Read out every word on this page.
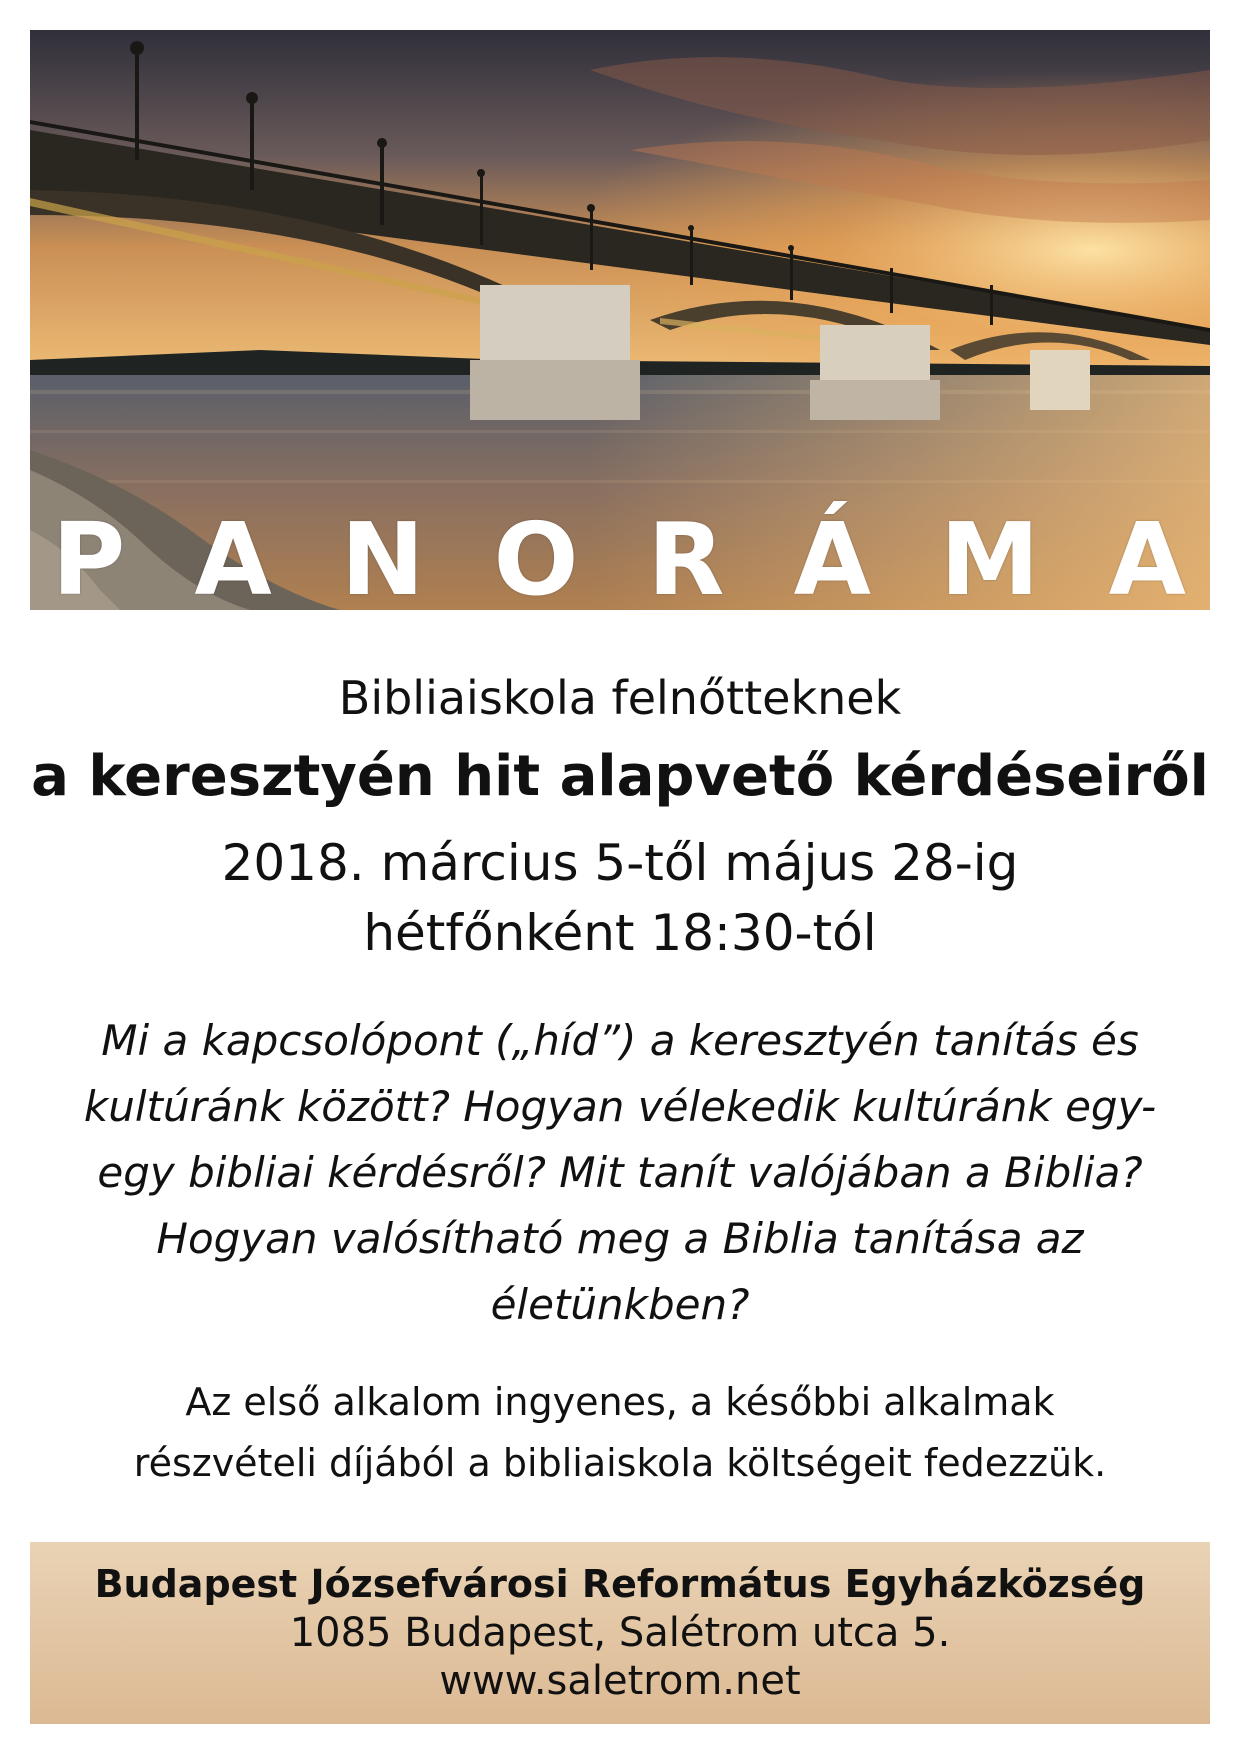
P A N O R Á M A
Bibliaiskola felnőtteknek
a keresztyén hit alapvető kérdéseiről
2018. március 5-től május 28-ig
hétfőnként 18:30-tól
Mi a kapcsolópont („híd”) a keresztyén tanítás és
kultúránk között? Hogyan vélekedik kultúránk egy-
egy bibliai kérdésről? Mit tanít valójában a Biblia?
Hogyan valósítható meg a Biblia tanítása az
életünkben?
Az első alkalom ingyenes, a későbbi alkalmak
részvételi díjából a bibliaiskola költségeit fedezzük.
Budapest Józsefvárosi Református Egyházközség
1085 Budapest, Salétrom utca 5.
www.saletrom.net
